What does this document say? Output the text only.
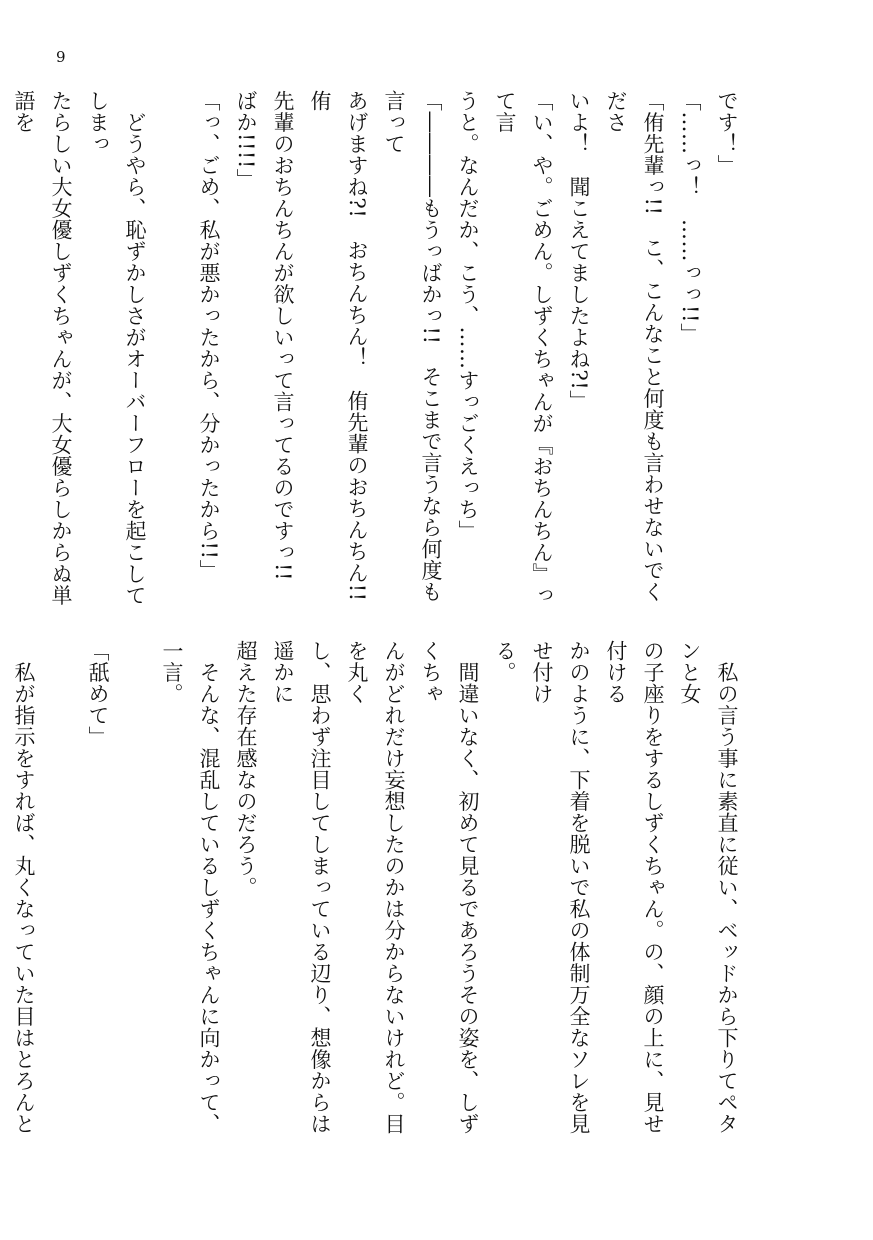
9
です！」
「……っ！　……っっ!!」
「侑先輩っ!!　こ、こんなこと何度も言わせないでくださ
いよ！　聞こえてましたよね?!」
「い、や。ごめん。しずくちゃんが『おちんちん』って言
うと。なんだか、こう、……すっごくえっち」
「――――もうっばかっ!!　そこまで言うなら何度も言って
あげますね?!　おちんちん！　侑先輩のおちんちん!!　侑
先輩のおちんちんが欲しいって言ってるのですっ!!　ばか!!!!」
「っ、ごめ、私が悪かったから、分かったから!!」

　どうやら、恥ずかしさがオーバーフローを起こしてしまっ
たらしい大女優しずくちゃんが、大女優らしからぬ単語を

　私の言う事に素直に従い、ベッドから下りてペタンと女
の子座りをするしずくちゃん。の、顔の上に、見せ付ける
かのように、下着を脱いで私の体制万全なソレを見せ付け
る。
　間違いなく、初めて見るであろうその姿を、しずくちゃ
んがどれだけ妄想したのかは分からないけれど。目を丸く
し、思わず注目してしまっている辺り、想像からは遥かに
超えた存在感なのだろう。
　そんな、混乱しているしずくちゃんに向かって、一言。

「舐めて」

　私が指示をすれば、丸くなっていた目はとろんと
